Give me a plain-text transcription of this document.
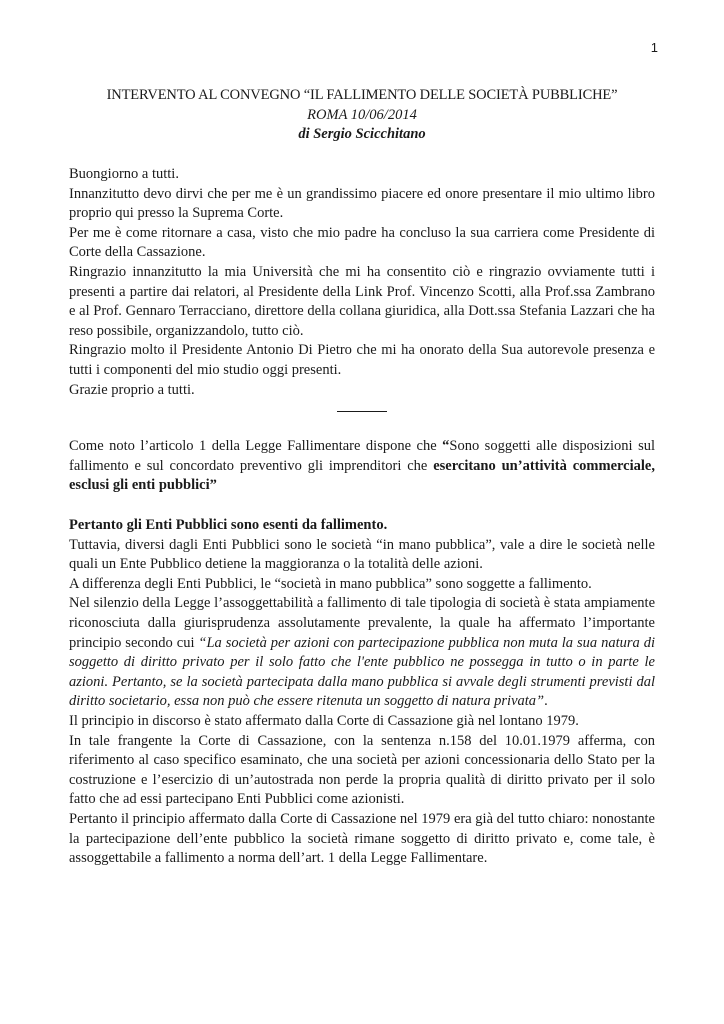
1
INTERVENTO AL CONVEGNO “IL FALLIMENTO DELLE SOCIETÀ PUBBLICHE”
ROMA 10/06/2014
di Sergio Scicchitano

Buongiorno a tutti.

Innanzitutto devo dirvi che per me è un grandissimo piacere ed onore presentare il mio ultimo libro proprio qui presso la Suprema Corte.

Per me è come ritornare a casa, visto che mio padre ha concluso la sua carriera come Presidente di Corte della Cassazione.

Ringrazio innanzitutto la mia Università che mi ha consentito ciò e ringrazio ovviamente tutti i presenti a partire dai relatori, al Presidente della Link Prof. Vincenzo Scotti, alla Prof.ssa Zambrano e al Prof. Gennaro Terracciano, direttore della collana giuridica, alla Dott.ssa Stefania Lazzari che ha reso possibile, organizzandolo, tutto ciò.

Ringrazio molto il Presidente Antonio Di Pietro che mi ha onorato della Sua autorevole presenza e tutti i componenti del mio studio oggi presenti.

Grazie proprio a tutti.

Come noto l’articolo 1 della Legge Fallimentare dispone che “Sono soggetti alle disposizioni sul fallimento e sul concordato preventivo gli imprenditori che esercitano un’attività commerciale, esclusi gli enti pubblici”

Pertanto gli Enti Pubblici sono esenti da fallimento.

Tuttavia, diversi dagli Enti Pubblici sono le società “in mano pubblica”, vale a dire le società nelle quali un Ente Pubblico detiene la maggioranza o la totalità delle azioni.

A differenza degli Enti Pubblici, le “società in mano pubblica” sono soggette a fallimento.

Nel silenzio della Legge l’assoggettabilità a fallimento di tale tipologia di società è stata ampiamente riconosciuta dalla giurisprudenza assolutamente prevalente, la quale ha affermato l’importante principio secondo cui “La società per azioni con partecipazione pubblica non muta la sua natura di soggetto di diritto privato per il solo fatto che l'ente pubblico ne possegga in tutto o in parte le azioni. Pertanto, se la società partecipata dalla mano pubblica si avvale degli strumenti previsti dal diritto societario, essa non può che essere ritenuta un soggetto di natura privata”.

Il principio in discorso è stato affermato dalla Corte di Cassazione già nel lontano 1979.

In tale frangente la Corte di Cassazione, con la sentenza n.158 del 10.01.1979 afferma, con riferimento al caso specifico esaminato, che una società per azioni concessionaria dello Stato per la costruzione e l’esercizio di un’autostrada non perde la propria qualità di diritto privato per il solo fatto che ad essi partecipano Enti Pubblici come azionisti.

Pertanto il principio affermato dalla Corte di Cassazione nel 1979 era già del tutto chiaro: nonostante la partecipazione dell’ente pubblico la società rimane soggetto di diritto privato e, come tale, è assoggettabile a fallimento a norma dell’art. 1 della Legge Fallimentare.
